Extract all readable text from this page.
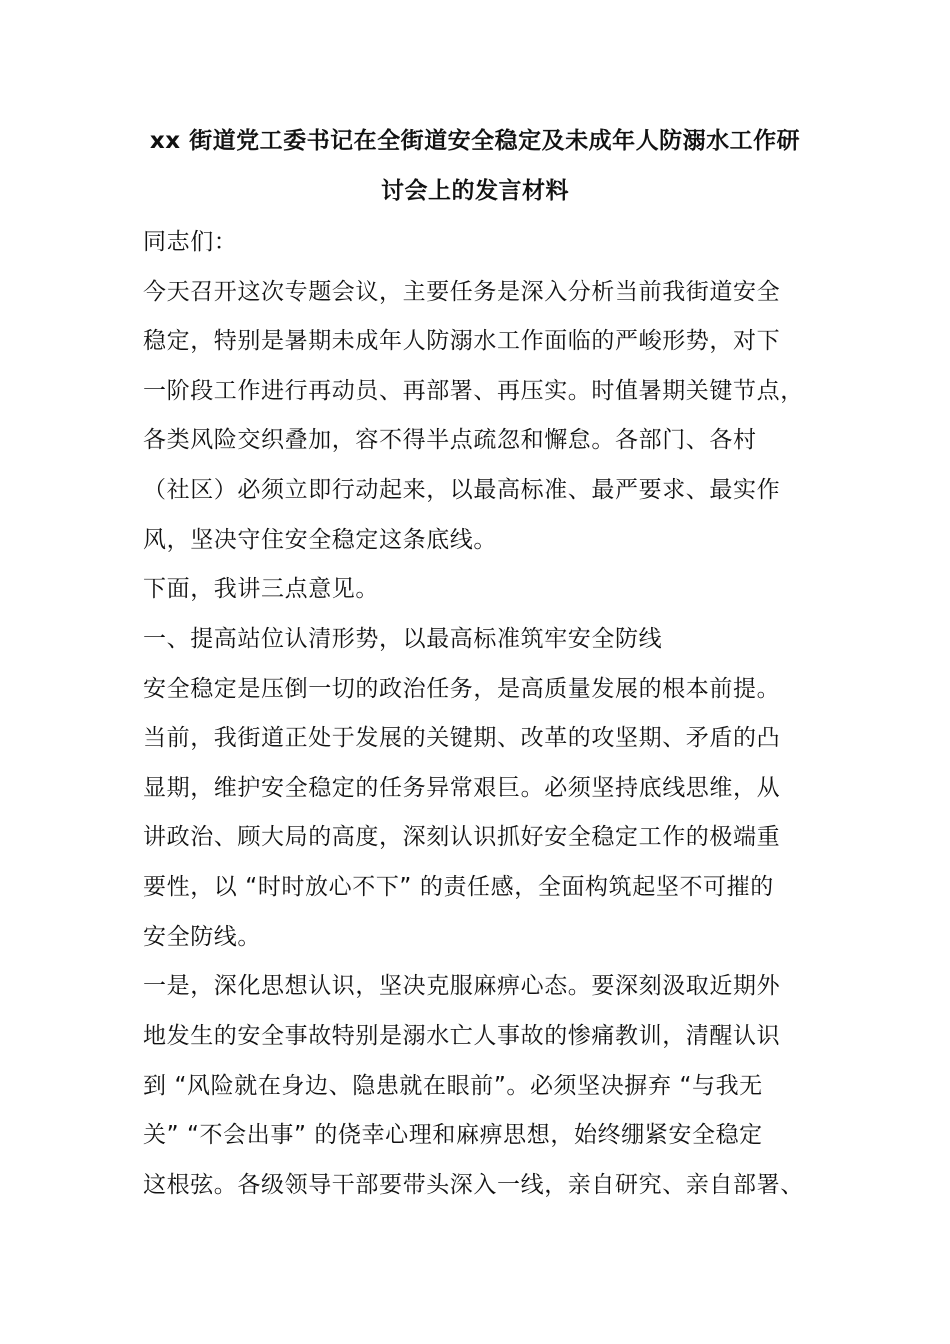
xx 街道党工委书记在全街道安全稳定及未成年人防溺水工作研
讨会上的发言材料
同志们：
今天召开这次专题会议，主要任务是深入分析当前我街道安全
稳定，特别是暑期未成年人防溺水工作面临的严峻形势，对下
一阶段工作进行再动员、再部署、再压实。时值暑期关键节点，
各类风险交织叠加，容不得半点疏忽和懈怠。各部门、各村
（社区）必须立即行动起来，以最高标准、最严要求、最实作
风，坚决守住安全稳定这条底线。
下面，我讲三点意见。
一、提高站位认清形势，以最高标准筑牢安全防线
安全稳定是压倒一切的政治任务，是高质量发展的根本前提。
当前，我街道正处于发展的关键期、改革的攻坚期、矛盾的凸
显期，维护安全稳定的任务异常艰巨。必须坚持底线思维，从
讲政治、顾大局的高度，深刻认识抓好安全稳定工作的极端重
要性，以 “时时放心不下” 的责任感，全面构筑起坚不可摧的
安全防线。
一是，深化思想认识，坚决克服麻痹心态。要深刻汲取近期外
地发生的安全事故特别是溺水亡人事故的惨痛教训，清醒认识
到 “风险就在身边、隐患就在眼前”。必须坚决摒弃 “与我无
关” “不会出事” 的侥幸心理和麻痹思想，始终绷紧安全稳定
这根弦。各级领导干部要带头深入一线，亲自研究、亲自部署、
